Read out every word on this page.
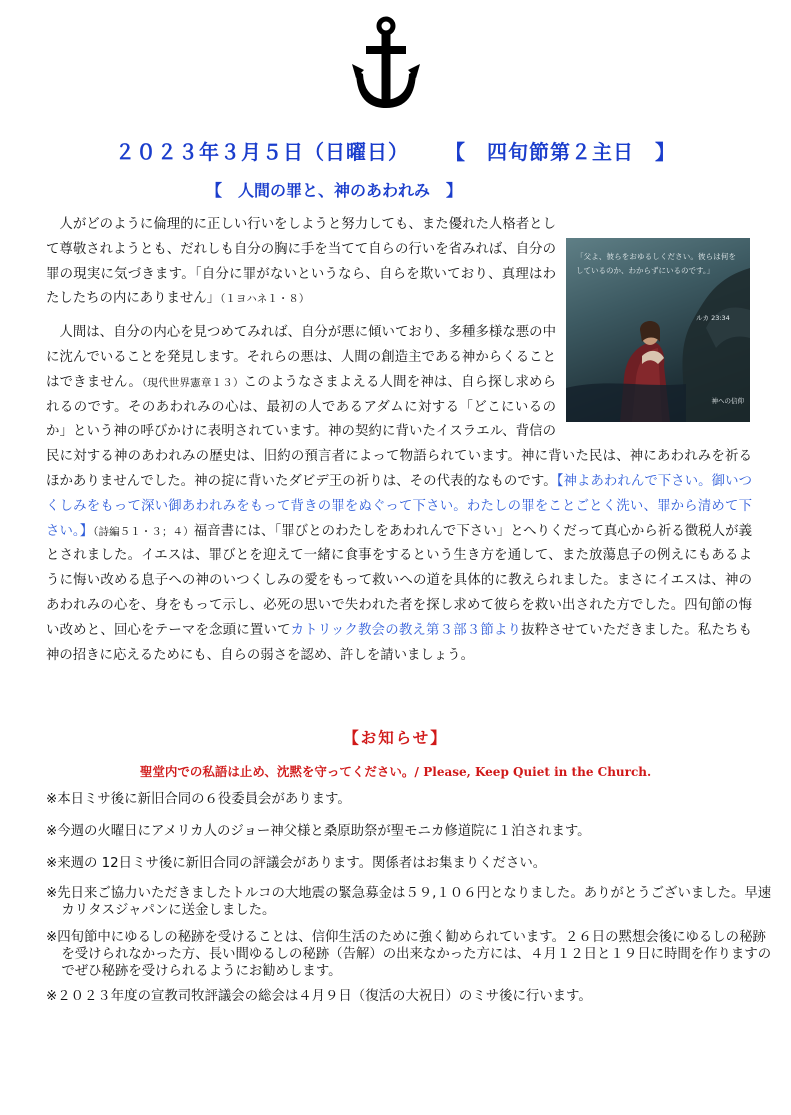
２０２３年３月５日（日曜日） 【　四旬節第２主日　】
【　人間の罪と、神のあわれみ　】
「父よ、彼らをおゆるしください。彼らは何をしているのか、わからずにいるのです。」
ルカ 23:34
神への信仰

人がどのように倫理的に正しい行いをしようと努力しても、また優れた人格者として尊敬されようとも、だれしも自分の胸に手を当てて自らの行いを省みれば、自分の罪の現実に気づきます。「自分に罪がないというなら、自らを欺いており、真理はわたしたちの内にありません」（１ヨハネ１・８）

人間は、自分の内心を見つめてみれば、自分が悪に傾いており、多種多様な悪の中に沈んでいることを発見します。それらの悪は、人間の創造主である神からくることはできません。（現代世界憲章１３）このようなさまよえる人間を神は、自ら探し求められるのです。そのあわれみの心は、最初の人であるアダムに対する「どこにいるのか」という神の呼びかけに表明されています。神の契約に背いたイスラエル、背信の民に対する神のあわれみの歴史は、旧約の預言者によって物語られています。神に背いた民は、神にあわれみを祈るほかありませんでした。神の掟に背いたダビデ王の祈りは、その代表的なものです。【神よあわれんで下さい。御いつくしみをもって深い御あわれみをもって背きの罪をぬぐって下さい。わたしの罪をことごとく洗い、罪から清めて下さい。】（詩編５１・３；４）福音書には、「罪びとのわたしをあわれんで下さい」とへりくだって真心から祈る徴税人が義とされました。イエスは、罪びとを迎えて一緒に食事をするという生き方を通して、また放蕩息子の例えにもあるように悔い改める息子への神のいつくしみの愛をもって救いへの道を具体的に教えられました。まさにイエスは、神のあわれみの心を、身をもって示し、必死の思いで失われた者を探し求めて彼らを救い出された方でした。四旬節の悔い改めと、回心をテーマを念頭に置いてカトリック教会の教え第３部３節より抜粋させていただきました。私たちも神の招きに応えるためにも、自らの弱さを認め、許しを請いましょう。

【お知らせ】
聖堂内での私語は止め、沈黙を守ってください。/ Please, Keep Quiet in the Church.
※本日ミサ後に新旧合同の６役委員会があります。
※今週の火曜日にアメリカ人のジョー神父様と桑原助祭が聖モニカ修道院に１泊されます。
※来週の 12日ミサ後に新旧合同の評議会があります。関係者はお集まりください。
※先日来ご協力いただきましたトルコの大地震の緊急募金は５９,１０６円となりました。ありがとうございました。早速カリタスジャパンに送金しました。
※四旬節中にゆるしの秘跡を受けることは、信仰生活のために強く勧められています。２６日の黙想会後にゆるしの秘跡を受けられなかった方、長い間ゆるしの秘跡（告解）の出来なかった方には、４月１２日と１９日に時間を作りますのでぜひ秘跡を受けられるようにお勧めします。
※２０２３年度の宣教司牧評議会の総会は４月９日（復活の大祝日）のミサ後に行います。
